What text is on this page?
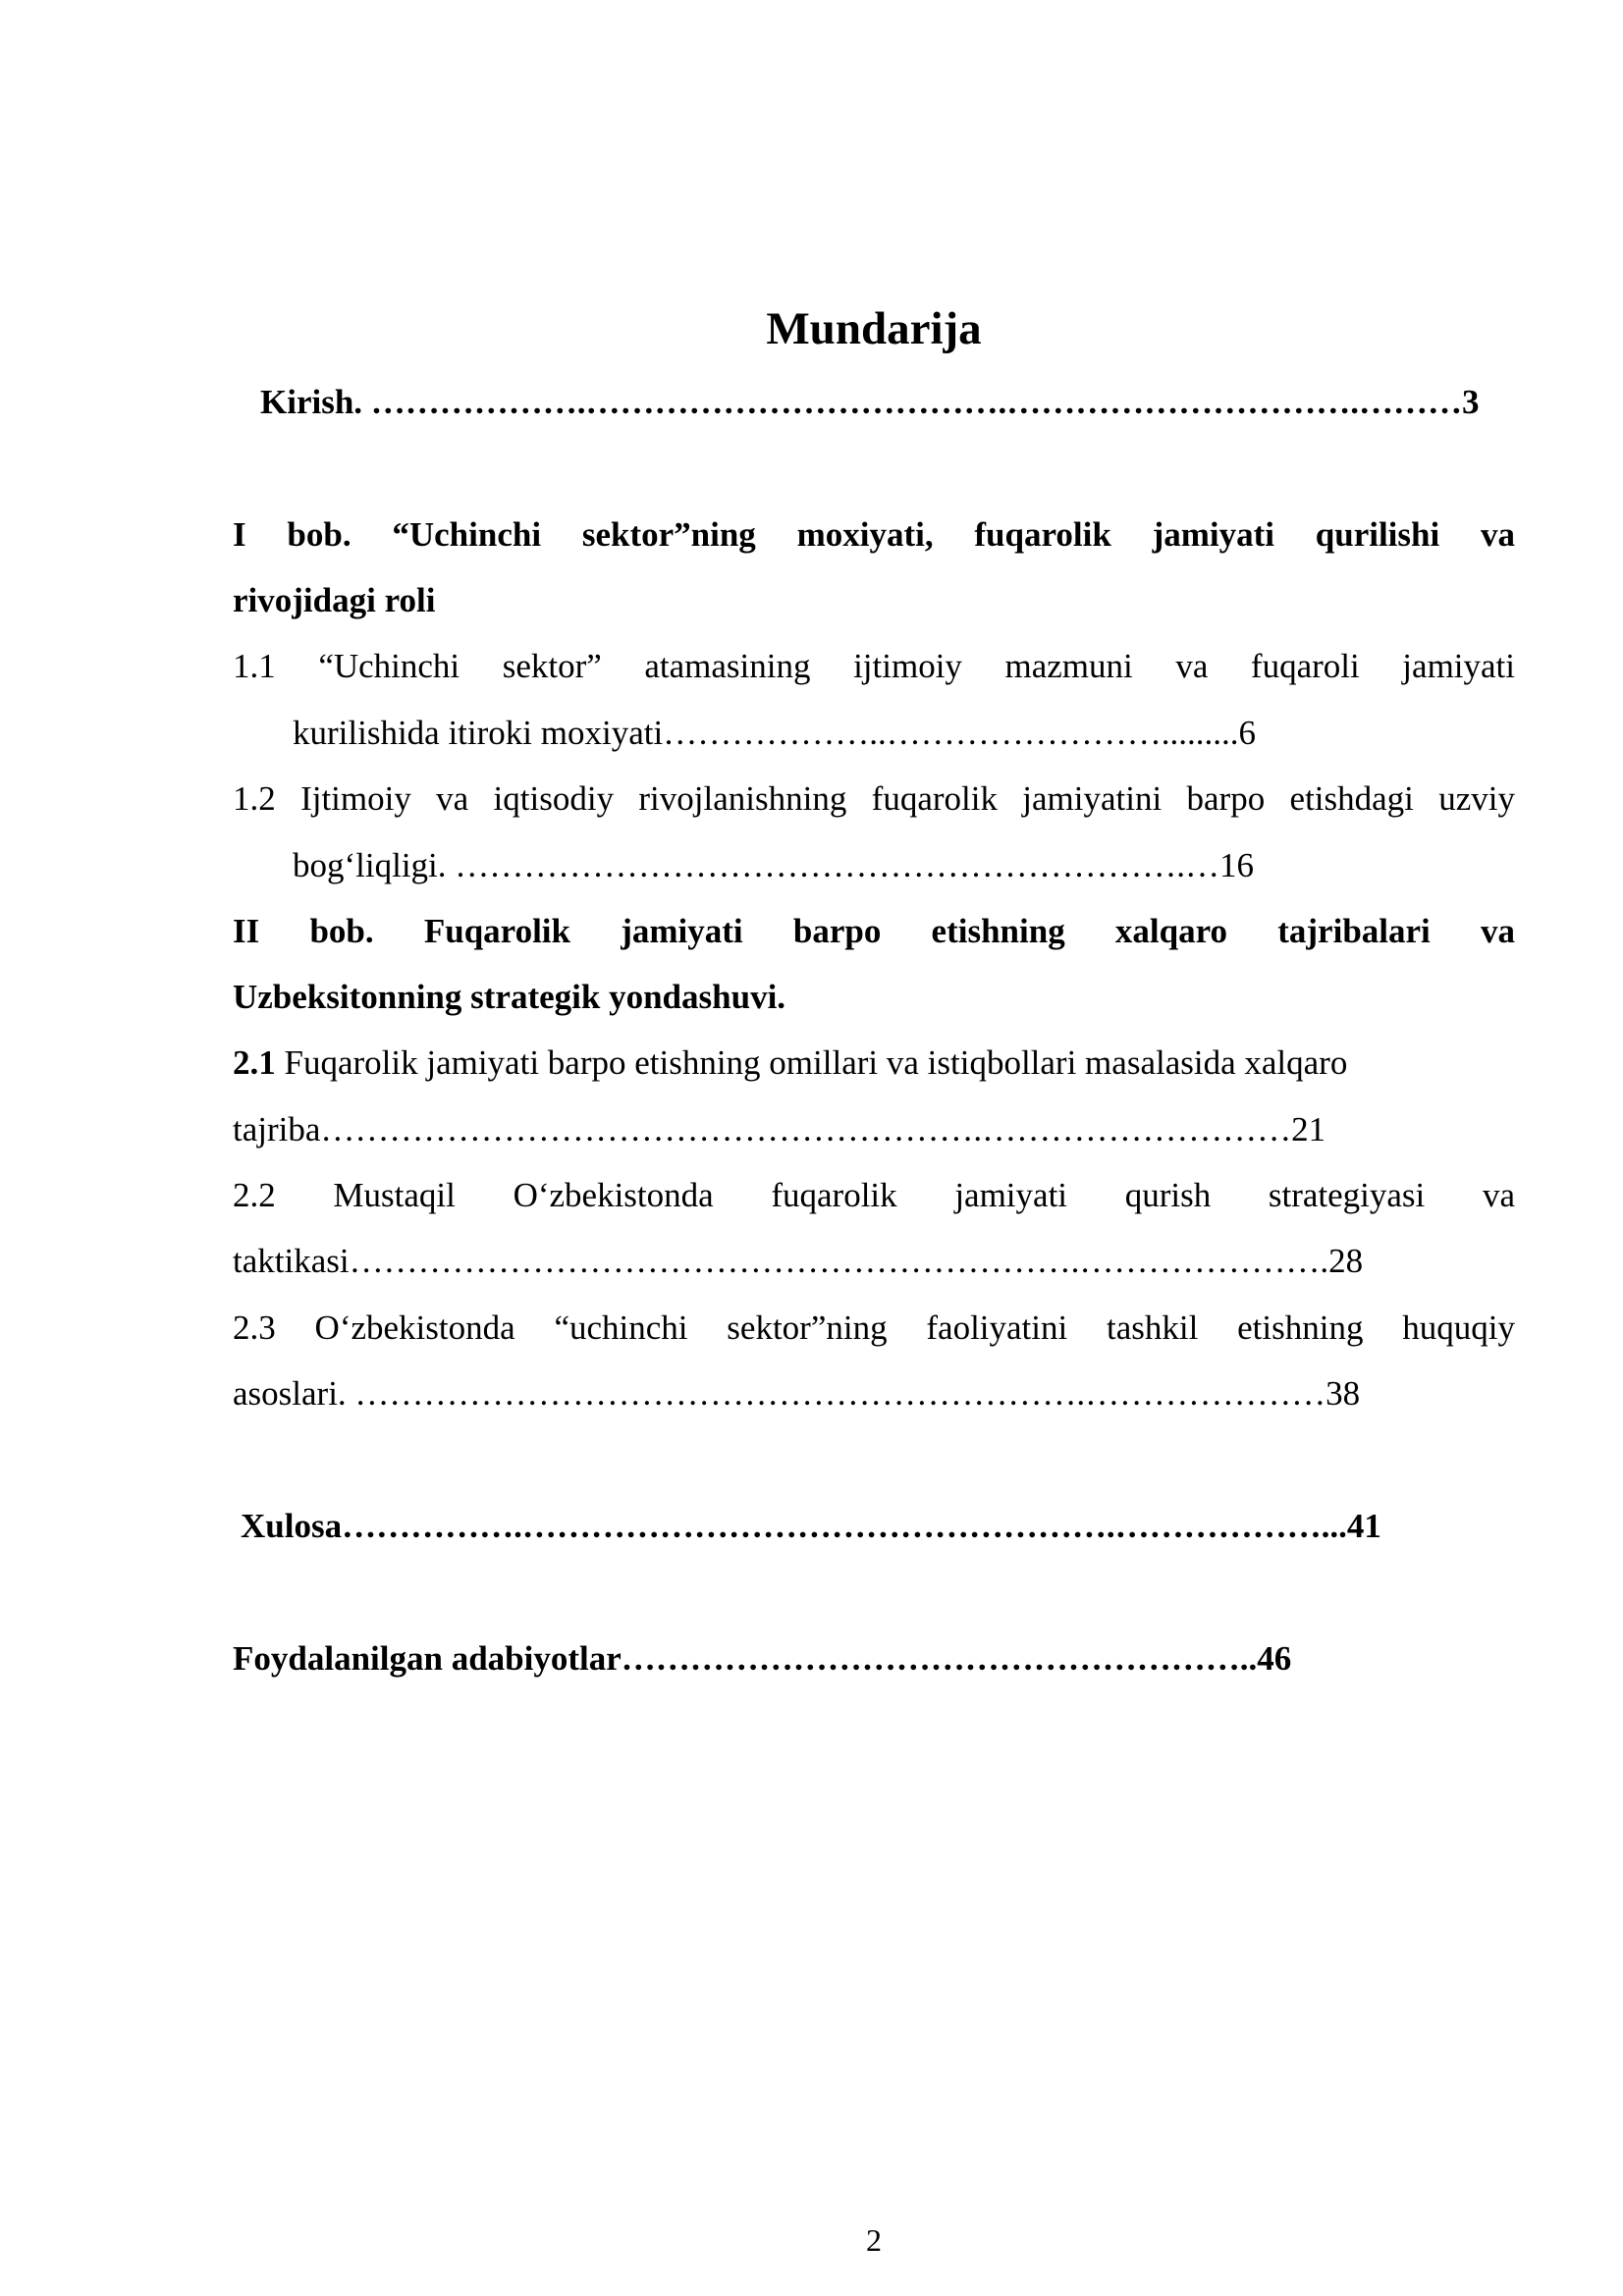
Mundarija
Kirish. ……………….……………………………….………………………….………3
I bob. “Uchinchi sektor”ning moxiyati, fuqarolik jamiyati qurilishi va
rivojidagi roli
1.1 “Uchinchi sektor” atamasining ijtimoiy mazmuni va fuqaroli jamiyati
kurilishida itiroki moxiyati………………..…………………….........6
1.2 Ijtimoiy va iqtisodiy rivojlanishning fuqarolik jamiyatini barpo etishdagi uzviy
bog‘liqligi. ……………………………………………………….…16
II bob. Fuqarolik jamiyati barpo etishning xalqaro tajribalari va
Uzbeksitonning strategik yondashuvi.
2.1 Fuqarolik jamiyati barpo etishning omillari va istiqbollari masalasida xalqaro
tajriba………………………………………………….………………………21
2.2 Mustaqil O‘zbekistonda fuqarolik jamiyati qurish strategiyasi va
taktikasi……………………………………………………….………………….28
2.3 O‘zbekistonda “uchinchi sektor”ning faoliyatini tashkil etishning huquqiy
asoslari. ……………………………………………………….…………………38
Xulosa…………….…………………………………………….………………...41
Foydalanilgan adabiyotlar………………………………………………..46
2
